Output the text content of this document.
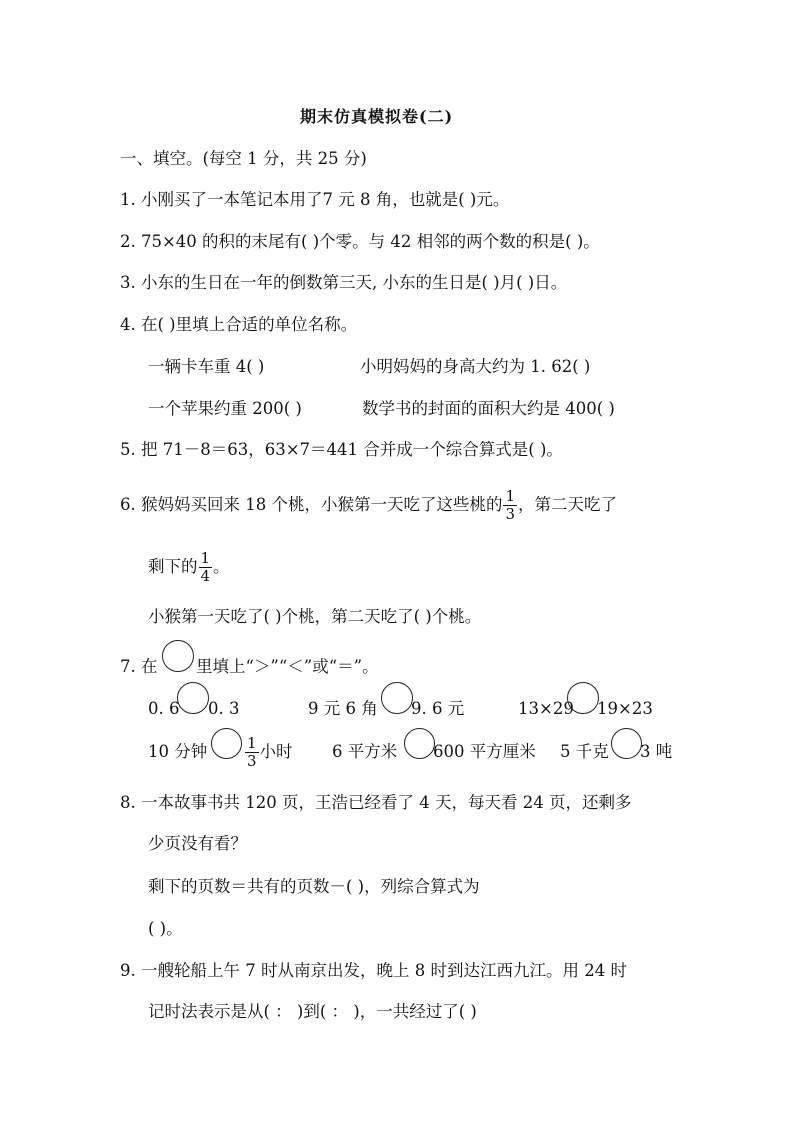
期末仿真模拟卷(二)
一、填空。(每空 1 分，共 25 分)
1. 小刚买了一本笔记本用了7 元 8 角，也就是( )元。
2. 75×40 的积的末尾有( )个零。与 42 相邻的两个数的积是( )。
3. 小东的生日在一年的倒数第三天, 小东的生日是( )月( )日。
4. 在( )里填上合适的单位名称。
一辆卡车重 4( )	小明妈妈的身高大约为 1. 62( )
一个苹果约重 200( )	数学书的封面的面积大约是 400( )
5. 把 71－8＝63，63×7＝441 合并成一个综合算式是( )。
6. 猴妈妈买回来 18 个桃，小猴第一天吃了这些桃的 $\frac{1}{3}$ ，第二天吃了
剩下的 $\frac{1}{4}$ 。
小猴第一天吃了( )个桃，第二天吃了( )个桃。
7. 在 里填上“＞”“＜”或“＝”。
0. 6 0. 3	9 元 6 角 9. 6 元	13×29 19×23
10 分钟	$\frac{1}{3}$ 小时 6 平方米 600 平方厘米 5 千克 3 吨
8. 一本故事书共 120 页，王浩已经看了 4 天，每天看 24 页，还剩多
少页没有看？
剩下的页数＝共有的页数－( )，列综合算式为
( )。
9. 一艘轮船上午 7 时从南京出发，晚上 8 时到达江西九江。用 24 时
记时法表示是从( ： )到( ： )，一共经过了( )
